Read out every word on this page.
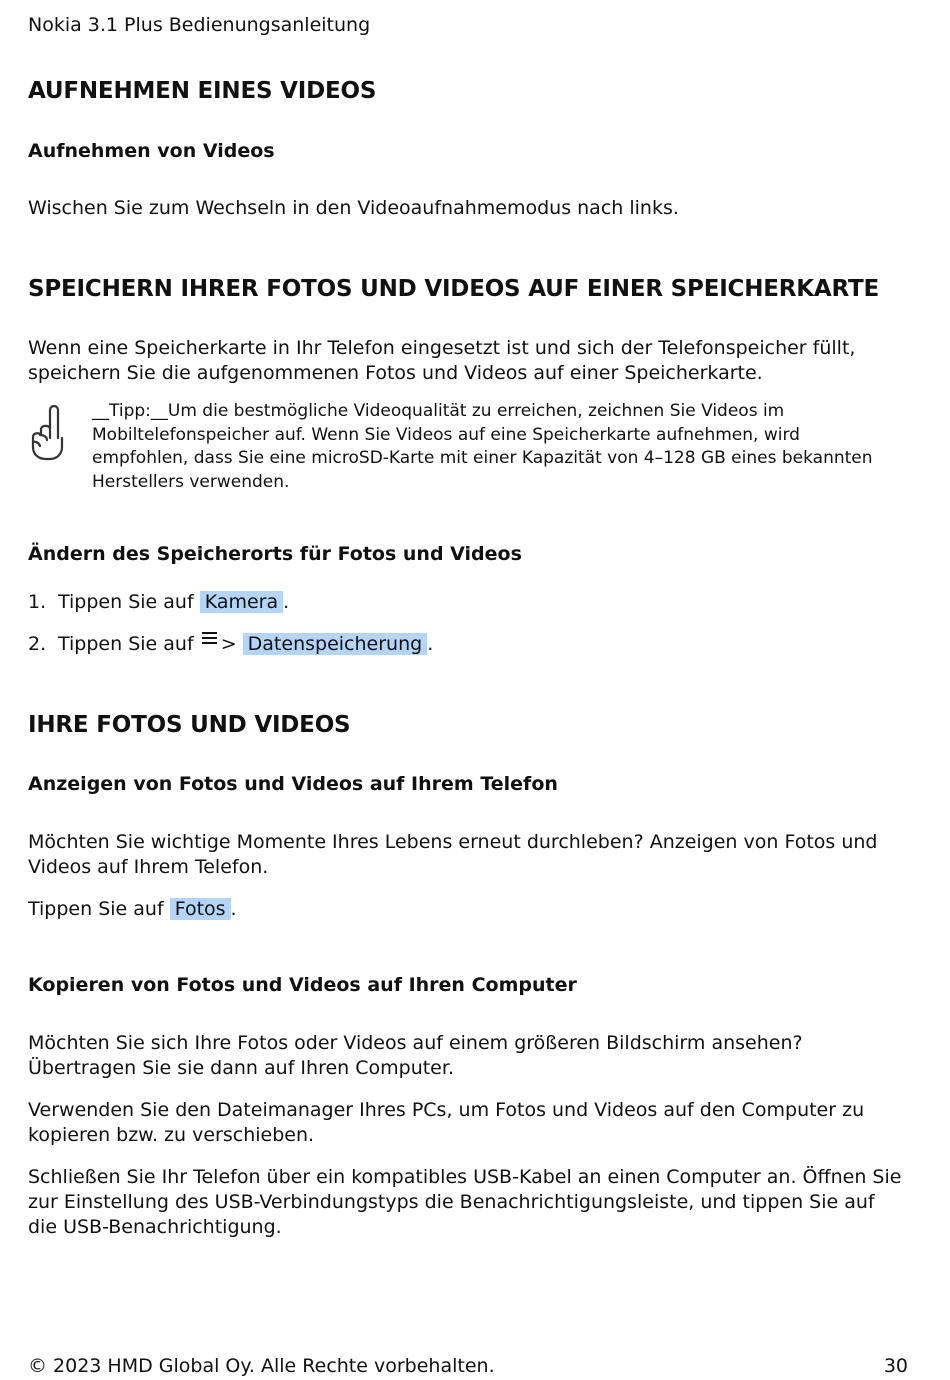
Nokia 3.1 Plus Bedienungsanleitung
AUFNEHMEN EINES VIDEOS
Aufnehmen von Videos
Wischen Sie zum Wechseln in den Videoaufnahmemodus nach links.
SPEICHERN IHRER FOTOS UND VIDEOS AUF EINER SPEICHERKARTE
Wenn eine Speicherkarte in Ihr Telefon eingesetzt ist und sich der Telefonspeicher füllt, speichern Sie die aufgenommenen Fotos und Videos auf einer Speicherkarte.
__Tipp:__Um die bestmögliche Videoqualität zu erreichen, zeichnen Sie Videos im Mobiltelefonspeicher auf. Wenn Sie Videos auf eine Speicherkarte aufnehmen, wird empfohlen, dass Sie eine microSD-Karte mit einer Kapazität von 4–128 GB eines bekannten Herstellers verwenden.
Ändern des Speicherorts für Fotos und Videos
1. Tippen Sie auf Kamera .
2. Tippen Sie auf > Datenspeicherung .
IHRE FOTOS UND VIDEOS
Anzeigen von Fotos und Videos auf Ihrem Telefon
Möchten Sie wichtige Momente Ihres Lebens erneut durchleben? Anzeigen von Fotos und Videos auf Ihrem Telefon.
Tippen Sie auf Fotos .
Kopieren von Fotos und Videos auf Ihren Computer
Möchten Sie sich Ihre Fotos oder Videos auf einem größeren Bildschirm ansehen? Übertragen Sie sie dann auf Ihren Computer.
Verwenden Sie den Dateimanager Ihres PCs, um Fotos und Videos auf den Computer zu kopieren bzw. zu verschieben.
Schließen Sie Ihr Telefon über ein kompatibles USB-Kabel an einen Computer an. Öffnen Sie zur Einstellung des USB-Verbindungstyps die Benachrichtigungsleiste, und tippen Sie auf die USB-Benachrichtigung.
© 2023 HMD Global Oy. Alle Rechte vorbehalten.	30
